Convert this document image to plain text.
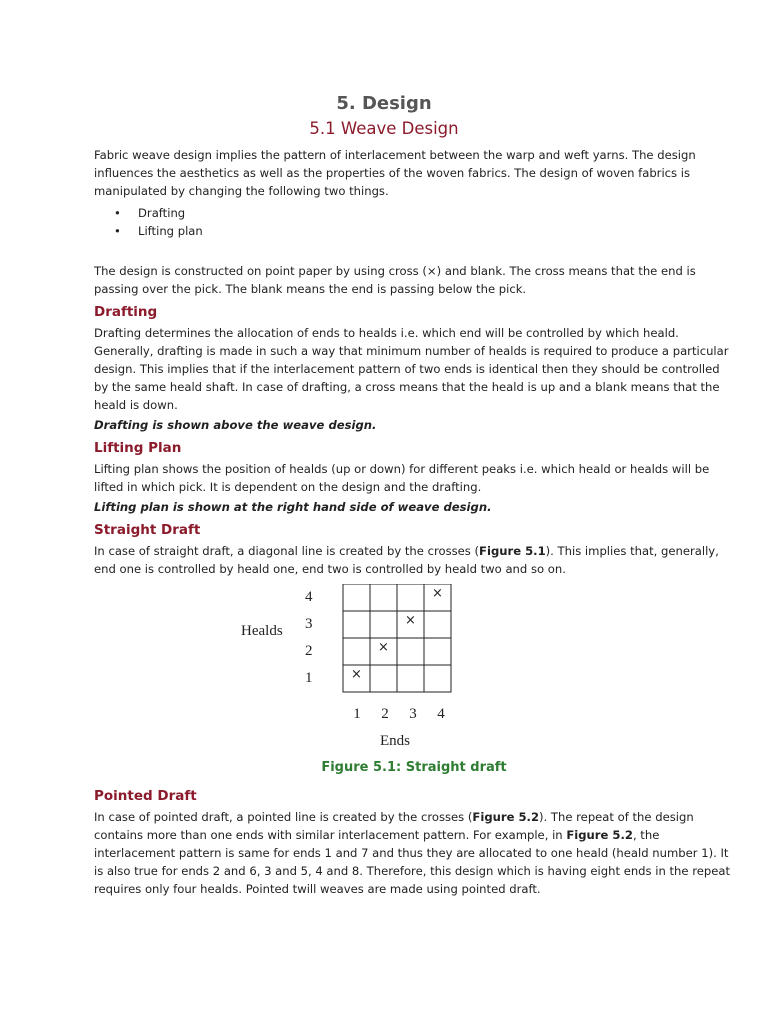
5. Design
5.1 Weave Design

Fabric weave design implies the pattern of interlacement between the warp and weft yarns. The design influences the aesthetics as well as the properties of the woven fabrics. The design of woven fabrics is manipulated by changing the following two things.

• Drafting
• Lifting plan

The design is constructed on point paper by using cross (×) and blank. The cross means that the end is passing over the pick. The blank means the end is passing below the pick.

Drafting

Drafting determines the allocation of ends to healds i.e. which end will be controlled by which heald. Generally, drafting is made in such a way that minimum number of healds is required to produce a particular design. This implies that if the interlacement pattern of two ends is identical then they should be controlled by the same heald shaft. In case of drafting, a cross means that the heald is up and a blank means that the heald is down.

Drafting is shown above the weave design.

Lifting Plan

Lifting plan shows the position of healds (up or down) for different peaks i.e. which heald or healds will be lifted in which pick. It is dependent on the design and the drafting.

Lifting plan is shown at the right hand side of weave design.

Straight Draft

In case of straight draft, a diagonal line is created by the crosses (Figure 5.1). This implies that, generally, end one is controlled by heald one, end two is controlled by heald two and so on.

Healds
Ends
×
×
×
×
4
3
2
1
1 2 3 4
Figure 5.1: Straight draft
Pointed Draft

In case of pointed draft, a pointed line is created by the crosses (Figure 5.2). The repeat of the design contains more than one ends with similar interlacement pattern. For example, in Figure 5.2, the interlacement pattern is same for ends 1 and 7 and thus they are allocated to one heald (heald number 1). It is also true for ends 2 and 6, 3 and 5, 4 and 8. Therefore, this design which is having eight ends in the repeat requires only four healds. Pointed twill weaves are made using pointed draft.
